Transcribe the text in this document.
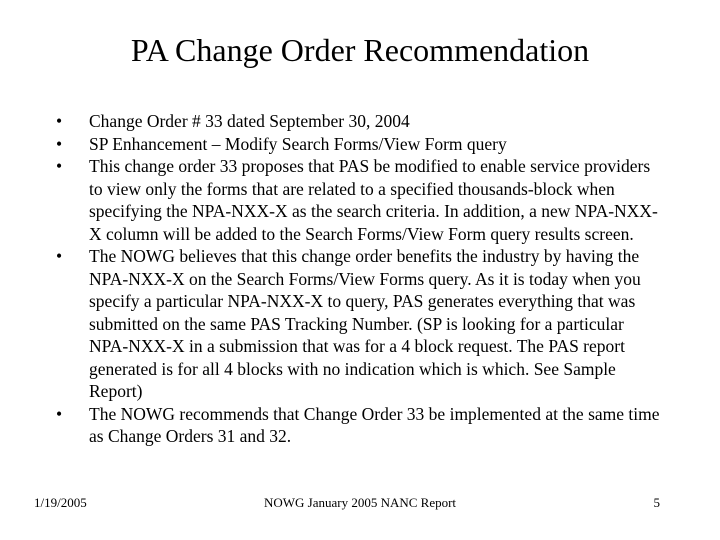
PA Change Order Recommendation
•	Change Order # 33 dated September 30, 2004
•	SP Enhancement – Modify Search Forms/View Form query
•	This change order 33 proposes that PAS be modified to enable service providers to view only the forms that are related to a specified thousands-block when specifying the NPA-NXX-X as the search criteria. In addition, a new NPA-NXX-X column will be added to the Search Forms/View Form query results screen.
•	The NOWG believes that this change order benefits the industry by having the NPA-NXX-X on the Search Forms/View Forms query. As it is today when you specify a particular NPA-NXX-X to query, PAS generates everything that was submitted on the same PAS Tracking Number. (SP is looking for a particular NPA-NXX-X in a submission that was for a 4 block request. The PAS report generated is for all 4 blocks with no indication which is which. See Sample Report)
•	The NOWG recommends that Change Order 33 be implemented at the same time as Change Orders 31 and 32.
1/19/2005	NOWG January 2005 NANC Report	5
